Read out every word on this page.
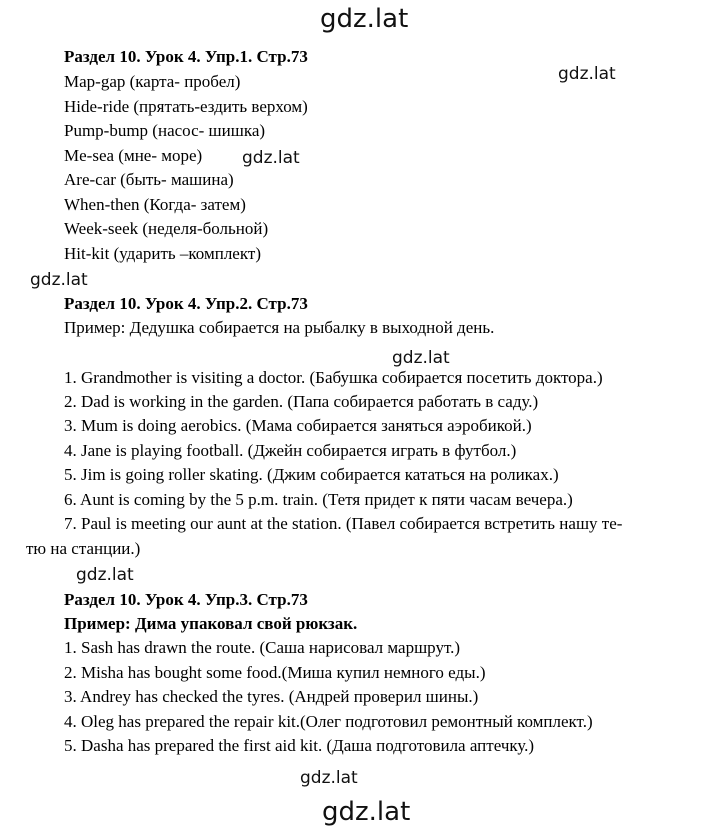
gdz.lat
gdz.lat
gdz.lat
gdz.lat
gdz.lat
gdz.lat
gdz.lat
gdz.lat
Раздел 10. Урок 4. Упр.1. Стр.73
Map-gap (карта- пробел)
Hide-ride (прятать-ездить верхом)
Pump-bump (насос- шишка)
Me-sea (мне- море)
Are-car (быть- машина)
When-then (Когда- затем)
Week-seek (неделя-больной)
Hit-kit (ударить –комплект)
Раздел 10. Урок 4. Упр.2. Стр.73
Пример: Дедушка собирается на рыбалку в выходной день.
1. Grandmother is visiting a doctor. (Бабушка собирается посетить доктора.)
2. Dad is working in the garden. (Папа собирается работать в саду.)
3. Mum is doing aerobics. (Мама собирается заняться аэробикой.)
4. Jane is playing football. (Джейн собирается играть в футбол.)
5. Jim is going roller skating. (Джим собирается кататься на роликах.)
6. Aunt is coming by the 5 p.m. train. (Тетя придет к пяти часам вечера.)
7. Paul is meeting our aunt at the station. (Павел собирается встретить нашу те-
тю на станции.)
Раздел 10. Урок 4. Упр.3. Стр.73
Пример: Дима упаковал свой рюкзак.
1. Sash has drawn the route. (Саша нарисовал маршрут.)
2. Misha has bought some food.(Миша купил немного еды.)
3. Andrey has checked the tyres. (Андрей проверил шины.)
4. Oleg has prepared the repair kit.(Олег подготовил ремонтный комплект.)
5. Dasha has prepared the first aid kit. (Даша подготовила аптечку.)
